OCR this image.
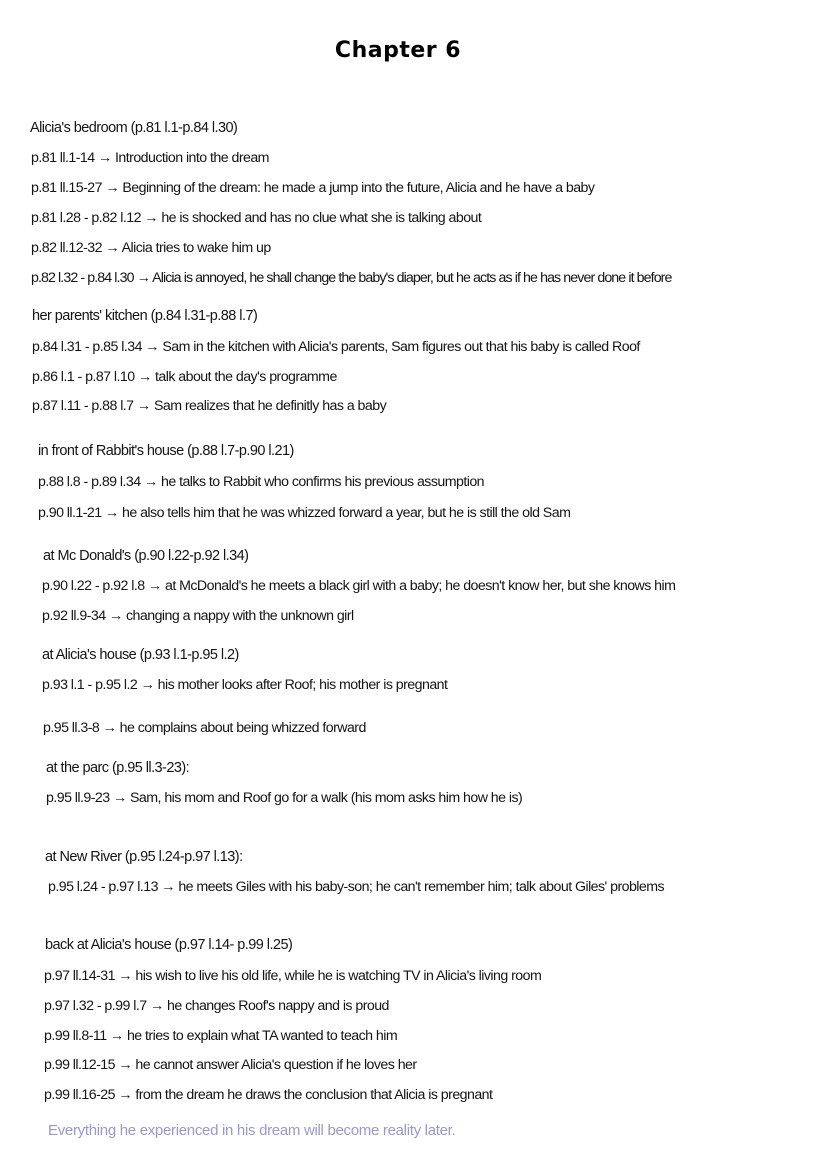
Chapter 6
Alicia's bedroom (p.81 l.1-p.84 l.30)
p.81 ll.1-14 → Introduction into the dream
p.81 ll.15-27 → Beginning of the dream: he made a jump into the future, Alicia and he have a baby
p.81 l.28 - p.82 l.12 → he is shocked and has no clue what she is talking about
p.82 ll.12-32 → Alicia tries to wake him up
p.82 l.32 - p.84 l.30 → Alicia is annoyed, he shall change the baby's diaper, but he acts as if he has never done it before
her parents' kitchen (p.84 l.31-p.88 l.7)
p.84 l.31 - p.85 l.34 → Sam in the kitchen with Alicia's parents, Sam figures out that his baby is called Roof
p.86 l.1 - p.87 l.10 → talk about the day's programme
p.87 l.11 - p.88 l.7 → Sam realizes that he definitly has a baby
in front of Rabbit's house (p.88 l.7-p.90 l.21)
p.88 l.8 - p.89 l.34 → he talks to Rabbit who confirms his previous assumption
p.90 ll.1-21 → he also tells him that he was whizzed forward a year, but he is still the old Sam
at Mc Donald's (p.90 l.22-p.92 l.34)
p.90 l.22 - p.92 l.8 → at McDonald's he meets a black girl with a baby; he doesn't know her, but she knows him
p.92 ll.9-34 → changing a nappy with the unknown girl
at Alicia's house (p.93 l.1-p.95 l.2)
p.93 l.1 - p.95 l.2 → his mother looks after Roof; his mother is pregnant
p.95 ll.3-8 → he complains about being whizzed forward
at the parc (p.95 ll.3-23):
p.95 ll.9-23 → Sam, his mom and Roof go for a walk (his mom asks him how he is)
at New River (p.95 l.24-p.97 l.13):
p.95 l.24 - p.97 l.13 → he meets Giles with his baby-son; he can't remember him; talk about Giles' problems
back at Alicia's house (p.97 l.14- p.99 l.25)
p.97 ll.14-31 → his wish to live his old life, while he is watching TV in Alicia's living room
p.97 l.32 - p.99 l.7 → he changes Roof's nappy and is proud
p.99 ll.8-11 → he tries to explain what TA wanted to teach him
p.99 ll.12-15 → he cannot answer Alicia's question if he loves her
p.99 ll.16-25 → from the dream he draws the conclusion that Alicia is pregnant
Everything he experienced in his dream will become reality later.
